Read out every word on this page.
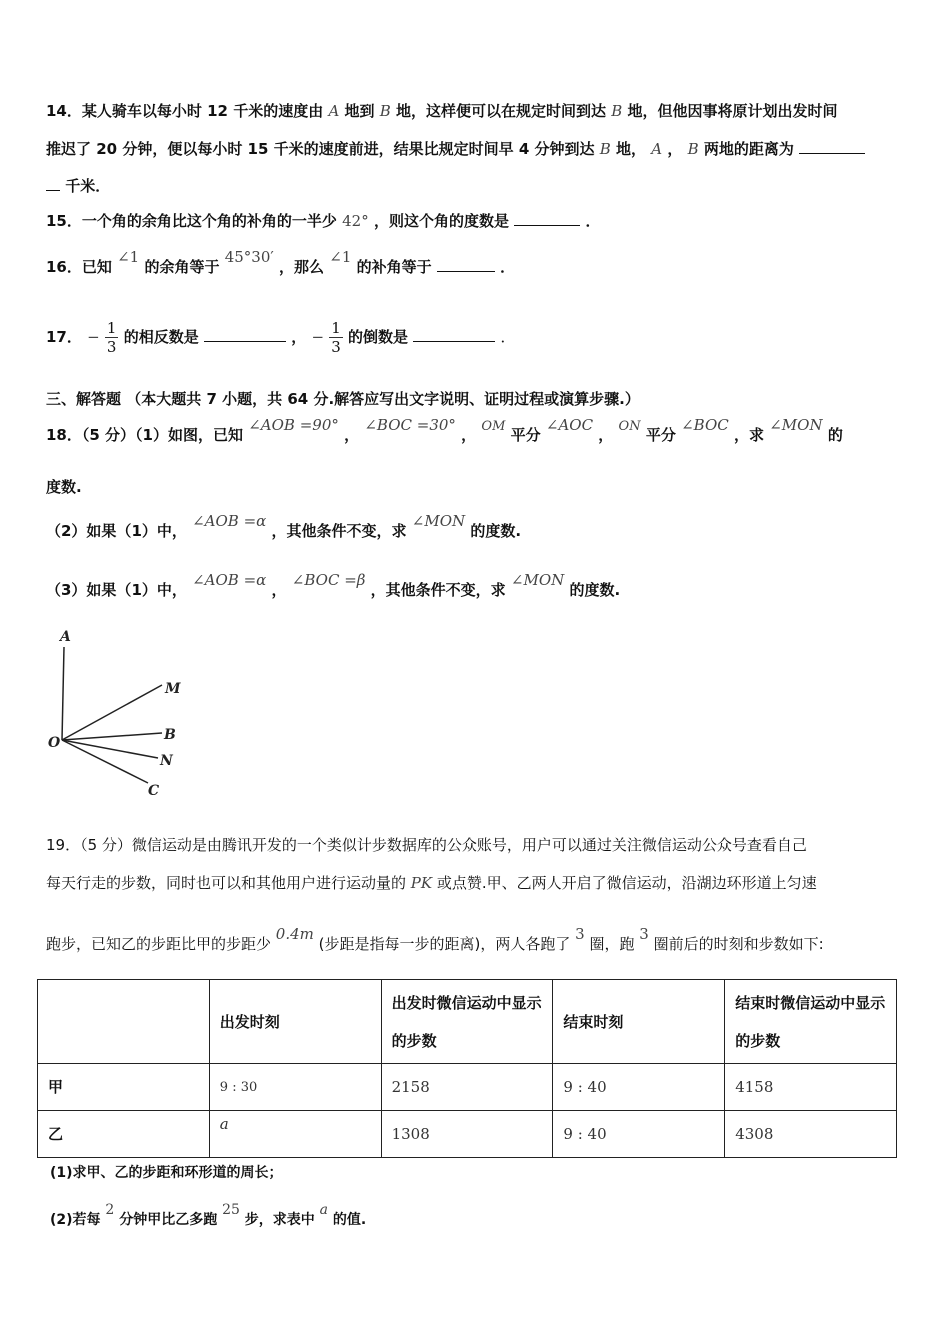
14．某人骑车以每小时 12 千米的速度由 A 地到 B 地，这样便可以在规定时间到达 B 地，但他因事将原计划出发时间
推迟了 20 分钟，便以每小时 15 千米的速度前进，结果比规定时间早 4 分钟到达 B 地， A ， B 两地的距离为
千米．
15．一个角的余角比这个角的补角的一半少 42° ，则这个角的度数是	．
16．已知 ∠1 的余角等于 45°30′ ，那么 ∠1 的补角等于	．
17． − $\frac{1}{3}$ 的相反数是	， − $\frac{1}{3}$ 的倒数是	．
三、解答题 （本大题共 7 小题，共 64 分.解答应写出文字说明、证明过程或演算步骤.）
18．（5 分）（1）如图，已知 ∠AOB =90° ， ∠BOC =30° ， OM 平分 ∠AOC ， ON 平分 ∠BOC ，求 ∠MON 的
度数.
（2）如果（1）中， ∠AOB =α ，其他条件不变，求 ∠MON 的度数.
（3）如果（1）中， ∠AOB =α ， ∠BOC =β ，其他条件不变，求 ∠MON 的度数.
A
M
B
N
C
O
19．（5 分）微信运动是由腾讯开发的一个类似计步数据库的公众账号，用户可以通过关注微信运动公众号查看自己
每天行走的步数，同时也可以和其他用户进行运动量的 PK 或点赞.甲、乙两人开启了微信运动，沿湖边环形道上匀速
跑步，已知乙的步距比甲的步距少 0.4m (步距是指每一步的距离)，两人各跑了 3 圈，跑 3 圈前后的时刻和步数如下:
	出发时刻	出发时微信运动中显示的步数	结束时刻	结束时微信运动中显示的步数
甲	9 : 30	2158	9 : 40	4158
乙	a	1308	9 : 40	4308
(1)求甲、乙的步距和环形道的周长；
(2)若每 2 分钟甲比乙多跑 25 步，求表中 a 的值.
